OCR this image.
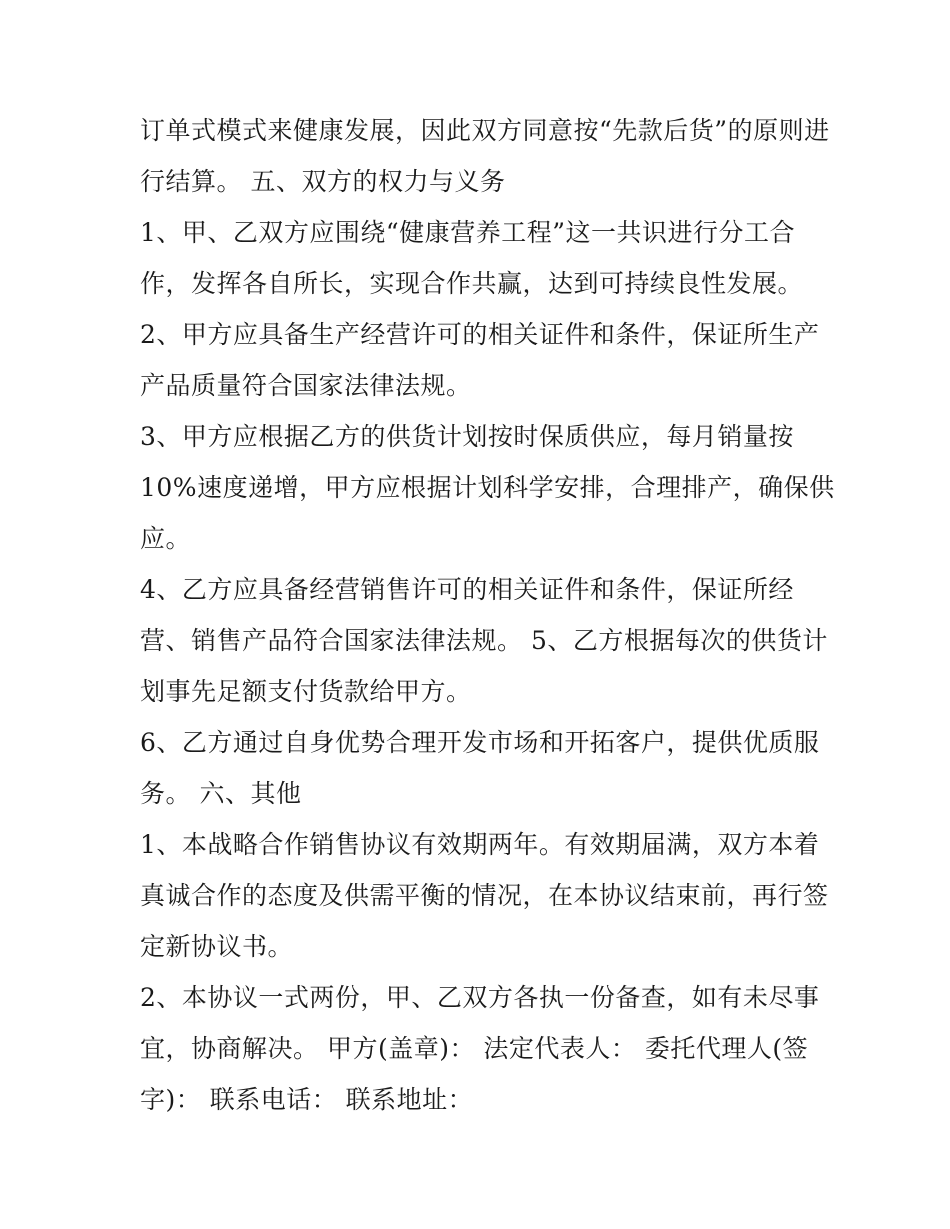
订单式模式来健康发展，因此双方同意按“先款后货”的原则进
行结算。 五、双方的权力与义务
1、甲、乙双方应围绕“健康营养工程”这一共识进行分工合
作，发挥各自所长，实现合作共赢，达到可持续良性发展。
2、甲方应具备生产经营许可的相关证件和条件，保证所生产
产品质量符合国家法律法规。
3、甲方应根据乙方的供货计划按时保质供应，每月销量按
10%速度递增，甲方应根据计划科学安排，合理排产，确保供
应。
4、乙方应具备经营销售许可的相关证件和条件，保证所经
营、销售产品符合国家法律法规。 5、乙方根据每次的供货计
划事先足额支付货款给甲方。
6、乙方通过自身优势合理开发市场和开拓客户，提供优质服
务。 六、其他
1、本战略合作销售协议有效期两年。有效期届满，双方本着
真诚合作的态度及供需平衡的情况，在本协议结束前，再行签
定新协议书。
2、本协议一式两份，甲、乙双方各执一份备查，如有未尽事
宜，协商解决。 甲方(盖章)： 法定代表人： 委托代理人(签
字)： 联系电话： 联系地址：
